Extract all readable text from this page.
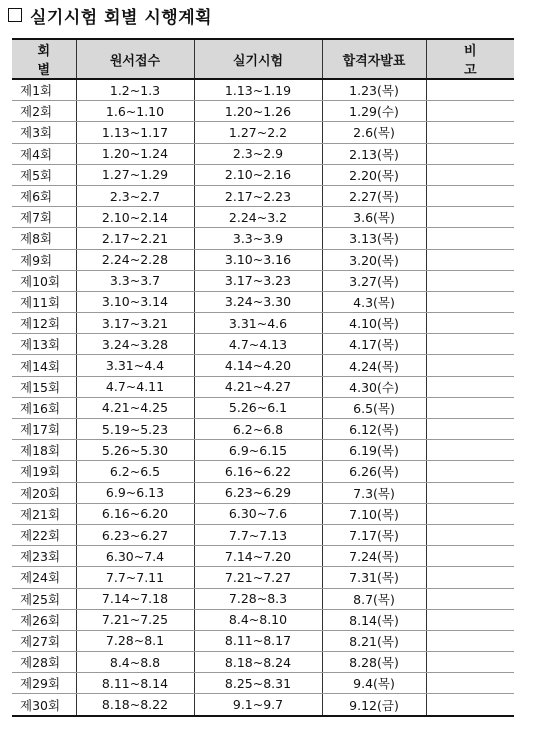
실기시험 회별 시행계획
회 별	원서접수	실기시험	합격자발표	비 고
제1회	1.2~1.3	1.13~1.19	1.23(목)	
제2회	1.6~1.10	1.20~1.26	1.29(수)	
제3회	1.13~1.17	1.27~2.2	2.6(목)	
제4회	1.20~1.24	2.3~2.9	2.13(목)	
제5회	1.27~1.29	2.10~2.16	2.20(목)	
제6회	2.3~2.7	2.17~2.23	2.27(목)	
제7회	2.10~2.14	2.24~3.2	3.6(목)	
제8회	2.17~2.21	3.3~3.9	3.13(목)	
제9회	2.24~2.28	3.10~3.16	3.20(목)	
제10회	3.3~3.7	3.17~3.23	3.27(목)	
제11회	3.10~3.14	3.24~3.30	4.3(목)	
제12회	3.17~3.21	3.31~4.6	4.10(목)	
제13회	3.24~3.28	4.7~4.13	4.17(목)	
제14회	3.31~4.4	4.14~4.20	4.24(목)	
제15회	4.7~4.11	4.21~4.27	4.30(수)	
제16회	4.21~4.25	5.26~6.1	6.5(목)	
제17회	5.19~5.23	6.2~6.8	6.12(목)	
제18회	5.26~5.30	6.9~6.15	6.19(목)	
제19회	6.2~6.5	6.16~6.22	6.26(목)	
제20회	6.9~6.13	6.23~6.29	7.3(목)	
제21회	6.16~6.20	6.30~7.6	7.10(목)	
제22회	6.23~6.27	7.7~7.13	7.17(목)	
제23회	6.30~7.4	7.14~7.20	7.24(목)	
제24회	7.7~7.11	7.21~7.27	7.31(목)	
제25회	7.14~7.18	7.28~8.3	8.7(목)	
제26회	7.21~7.25	8.4~8.10	8.14(목)	
제27회	7.28~8.1	8.11~8.17	8.21(목)	
제28회	8.4~8.8	8.18~8.24	8.28(목)	
제29회	8.11~8.14	8.25~8.31	9.4(목)	
제30회	8.18~8.22	9.1~9.7	9.12(금)	
